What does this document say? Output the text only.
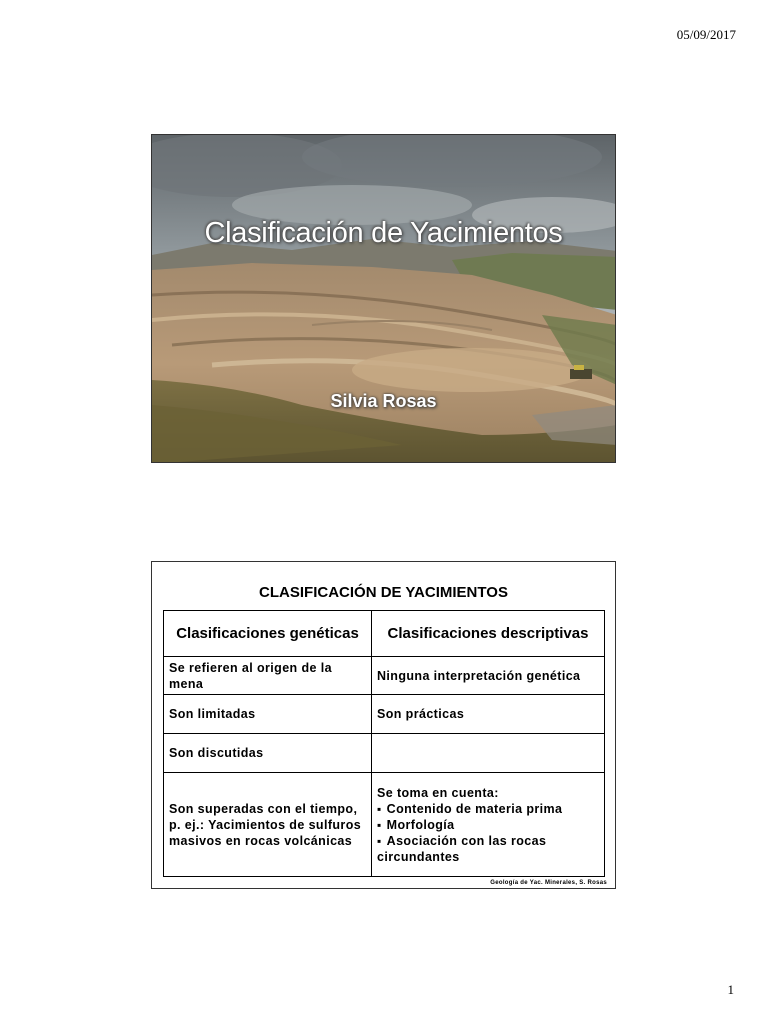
05/09/2017
Clasificación de Yacimientos
Silvia Rosas
CLASIFICACIÓN DE YACIMIENTOS
Clasificaciones genéticas	Clasificaciones descriptivas
Se refieren al origen de la mena	Ninguna interpretación genética
Son limitadas	Son prácticas
Son discutidas	
Son superadas con el tiempo, p. ej.: Yacimientos de sulfuros masivos en rocas volcánicas	Se toma en cuenta:
▪ Contenido de materia prima
▪ Morfología
▪ Asociación con las rocas circundantes
Geología de Yac. Minerales, S. Rosas
1
